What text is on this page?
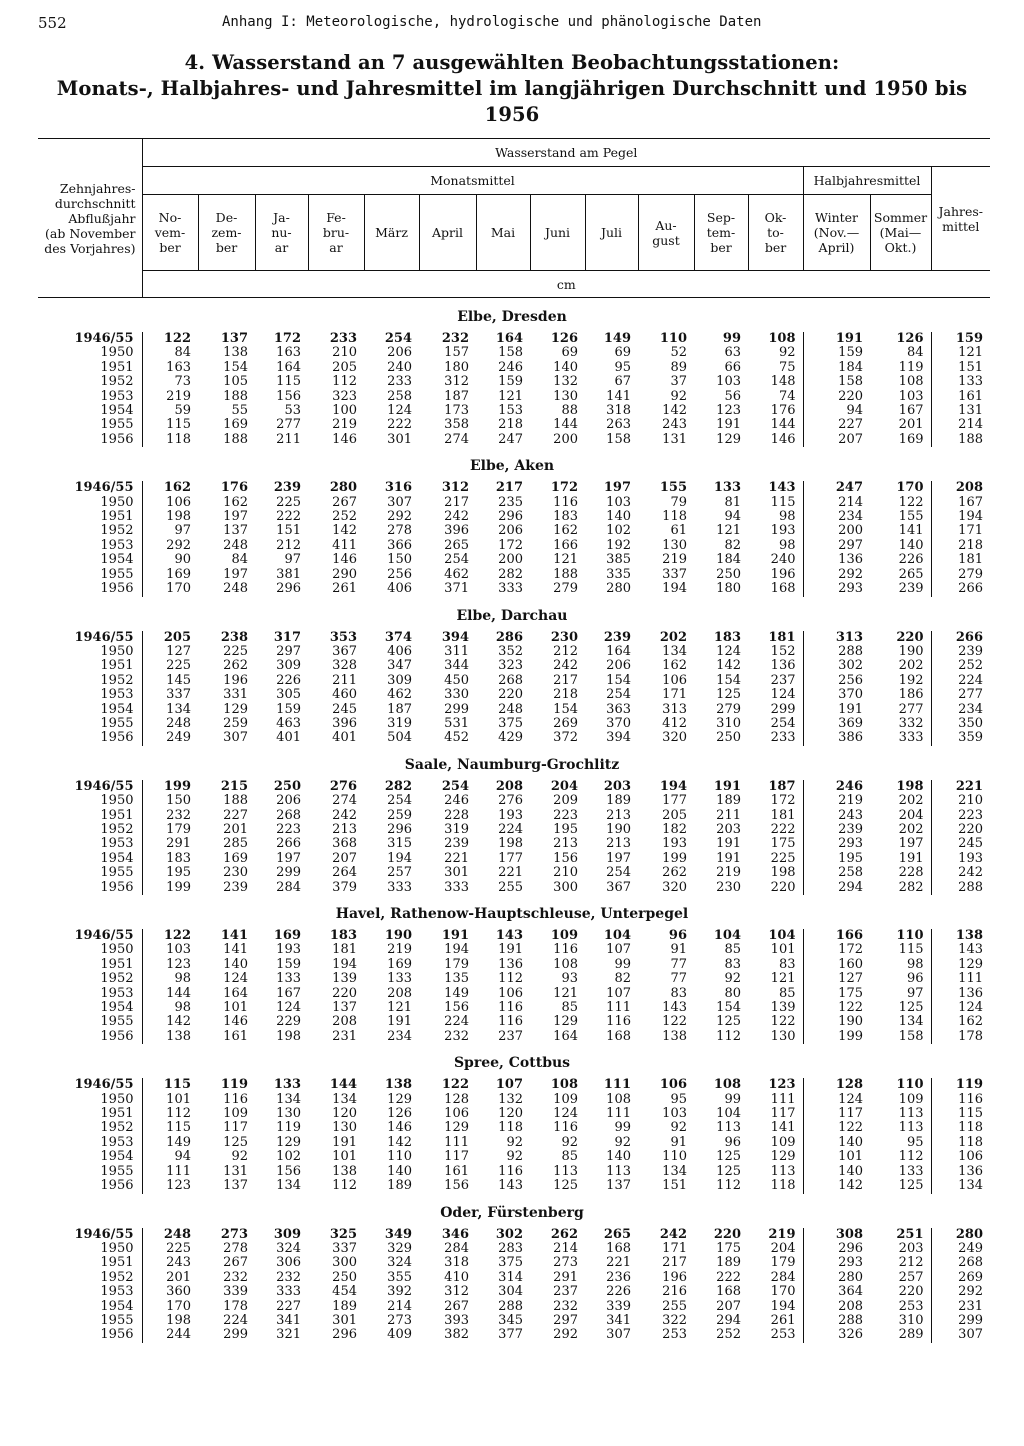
552	Anhang I: Meteorologische, hydrologische und phänologische Daten
4. Wasserstand an 7 ausgewählten Beobachtungsstationen:
Monats-, Halbjahres- und Jahresmittel im langjährigen Durchschnitt und 1950 bis 1956
Zehnjahres-
durchschnitt
Abflußjahr
(ab November
des Vorjahres)	Wasserstand am Pegel														
	Monatsmittel												Halbjahresmittel		Jahres-
mittel
	No-
vem-
ber	De-
zem-
ber	Ja-
nu-
ar	Fe-
bru-
ar	März	April	Mai	Juni	Juli	Au-
gust	Sep-
tem-
ber	Ok-
to-
ber	Winter
(Nov.—
April)	Sommer
(Mai—
Okt.)	
	cm														
Elbe, Dresden
1946/55	122	137	172	233	254	232	164	126	149	110	99	108	191	126	159
1950	84	138	163	210	206	157	158	69	69	52	63	92	159	84	121
1951	163	154	164	205	240	180	246	140	95	89	66	75	184	119	151
1952	73	105	115	112	233	312	159	132	67	37	103	148	158	108	133
1953	219	188	156	323	258	187	121	130	141	92	56	74	220	103	161
1954	59	55	53	100	124	173	153	88	318	142	123	176	94	167	131
1955	115	169	277	219	222	358	218	144	263	243	191	144	227	201	214
1956	118	188	211	146	301	274	247	200	158	131	129	146	207	169	188
Elbe, Aken
1946/55	162	176	239	280	316	312	217	172	197	155	133	143	247	170	208
1950	106	162	225	267	307	217	235	116	103	79	81	115	214	122	167
1951	198	197	222	252	292	242	296	183	140	118	94	98	234	155	194
1952	97	137	151	142	278	396	206	162	102	61	121	193	200	141	171
1953	292	248	212	411	366	265	172	166	192	130	82	98	297	140	218
1954	90	84	97	146	150	254	200	121	385	219	184	240	136	226	181
1955	169	197	381	290	256	462	282	188	335	337	250	196	292	265	279
1956	170	248	296	261	406	371	333	279	280	194	180	168	293	239	266
Elbe, Darchau
1946/55	205	238	317	353	374	394	286	230	239	202	183	181	313	220	266
1950	127	225	297	367	406	311	352	212	164	134	124	152	288	190	239
1951	225	262	309	328	347	344	323	242	206	162	142	136	302	202	252
1952	145	196	226	211	309	450	268	217	154	106	154	237	256	192	224
1953	337	331	305	460	462	330	220	218	254	171	125	124	370	186	277
1954	134	129	159	245	187	299	248	154	363	313	279	299	191	277	234
1955	248	259	463	396	319	531	375	269	370	412	310	254	369	332	350
1956	249	307	401	401	504	452	429	372	394	320	250	233	386	333	359
Saale, Naumburg-Grochlitz
1946/55	199	215	250	276	282	254	208	204	203	194	191	187	246	198	221
1950	150	188	206	274	254	246	276	209	189	177	189	172	219	202	210
1951	232	227	268	242	259	228	193	223	213	205	211	181	243	204	223
1952	179	201	223	213	296	319	224	195	190	182	203	222	239	202	220
1953	291	285	266	368	315	239	198	213	213	193	191	175	293	197	245
1954	183	169	197	207	194	221	177	156	197	199	191	225	195	191	193
1955	195	230	299	264	257	301	221	210	254	262	219	198	258	228	242
1956	199	239	284	379	333	333	255	300	367	320	230	220	294	282	288
Havel, Rathenow-Hauptschleuse, Unterpegel
1946/55	122	141	169	183	190	191	143	109	104	96	104	104	166	110	138
1950	103	141	193	181	219	194	191	116	107	91	85	101	172	115	143
1951	123	140	159	194	169	179	136	108	99	77	83	83	160	98	129
1952	98	124	133	139	133	135	112	93	82	77	92	121	127	96	111
1953	144	164	167	220	208	149	106	121	107	83	80	85	175	97	136
1954	98	101	124	137	121	156	116	85	111	143	154	139	122	125	124
1955	142	146	229	208	191	224	116	129	116	122	125	122	190	134	162
1956	138	161	198	231	234	232	237	164	168	138	112	130	199	158	178
Spree, Cottbus
1946/55	115	119	133	144	138	122	107	108	111	106	108	123	128	110	119
1950	101	116	134	134	129	128	132	109	108	95	99	111	124	109	116
1951	112	109	130	120	126	106	120	124	111	103	104	117	117	113	115
1952	115	117	119	130	146	129	118	116	99	92	113	141	122	113	118
1953	149	125	129	191	142	111	92	92	92	91	96	109	140	95	118
1954	94	92	102	101	110	117	92	85	140	110	125	129	101	112	106
1955	111	131	156	138	140	161	116	113	113	134	125	113	140	133	136
1956	123	137	134	112	189	156	143	125	137	151	112	118	142	125	134
Oder, Fürstenberg
1946/55	248	273	309	325	349	346	302	262	265	242	220	219	308	251	280
1950	225	278	324	337	329	284	283	214	168	171	175	204	296	203	249
1951	243	267	306	300	324	318	375	273	221	217	189	179	293	212	268
1952	201	232	232	250	355	410	314	291	236	196	222	284	280	257	269
1953	360	339	333	454	392	312	304	237	226	216	168	170	364	220	292
1954	170	178	227	189	214	267	288	232	339	255	207	194	208	253	231
1955	198	224	341	301	273	393	345	297	341	322	294	261	288	310	299
1956	244	299	321	296	409	382	377	292	307	253	252	253	326	289	307
